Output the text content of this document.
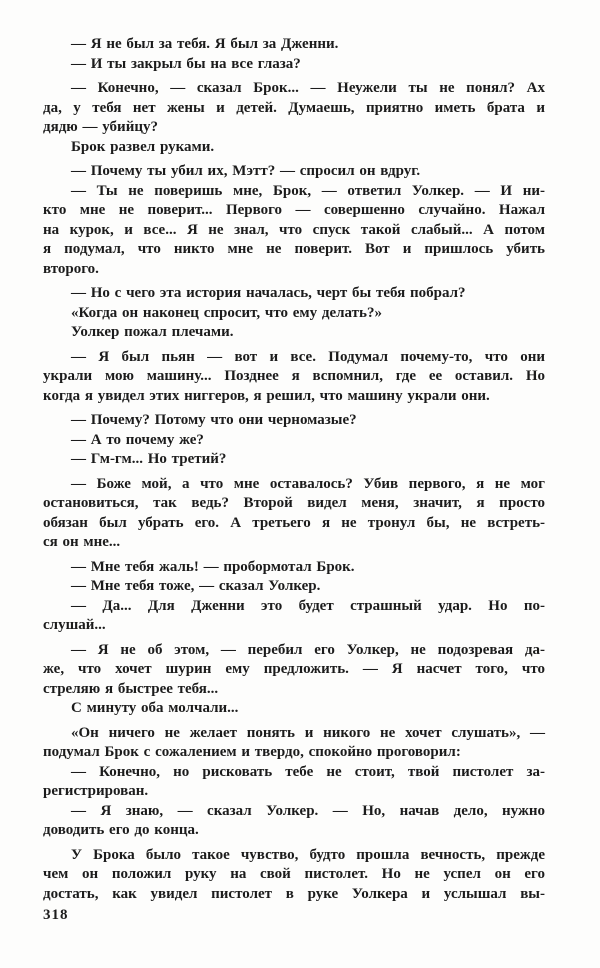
— Я не был за тебя. Я был за Дженни.
— И ты закрыл бы на все глаза?
— Конечно, — сказал Брок... — Неужели ты не понял? Ах
да, у тебя нет жены и детей. Думаешь, приятно иметь брата и
дядю — убийцу?
Брок развел руками.
— Почему ты убил их, Мэтт? — спросил он вдруг.
— Ты не поверишь мне, Брок, — ответил Уолкер. — И ни-
кто мне не поверит... Первого — совершенно случайно. Нажал
на курок, и все... Я не знал, что спуск такой слабый... А потом
я подумал, что никто мне не поверит. Вот и пришлось убить
второго.
— Но с чего эта история началась, черт бы тебя побрал?
«Когда он наконец спросит, что ему делать?»
Уолкер пожал плечами.
— Я был пьян — вот и все. Подумал почему-то, что они
украли мою машину... Позднее я вспомнил, где ее оставил. Но
когда я увидел этих ниггеров, я решил, что машину украли они.
— Почему? Потому что они черномазые?
— А то почему же?
— Гм-гм... Но третий?
— Боже мой, а что мне оставалось? Убив первого, я не мог
остановиться, так ведь? Второй видел меня, значит, я просто
обязан был убрать его. А третьего я не тронул бы, не встреть-
ся он мне...
— Мне тебя жаль! — пробормотал Брок.
— Мне тебя тоже, — сказал Уолкер.
— Да... Для Дженни это будет страшный удар. Но по-
слушай...
— Я не об этом, — перебил его Уолкер, не подозревая да-
же, что хочет шурин ему предложить. — Я насчет того, что
стреляю я быстрее тебя...
С минуту оба молчали...
«Он ничего не желает понять и никого не хочет слушать», —
подумал Брок с сожалением и твердо, спокойно проговорил:
— Конечно, но рисковать тебе не стоит, твой пистолет за-
регистрирован.
— Я знаю, — сказал Уолкер. — Но, начав дело, нужно
доводить его до конца.
У Брока было такое чувство, будто прошла вечность, прежде
чем он положил руку на свой пистолет. Но не успел он его
достать, как увидел пистолет в руке Уолкера и услышал вы-
318
